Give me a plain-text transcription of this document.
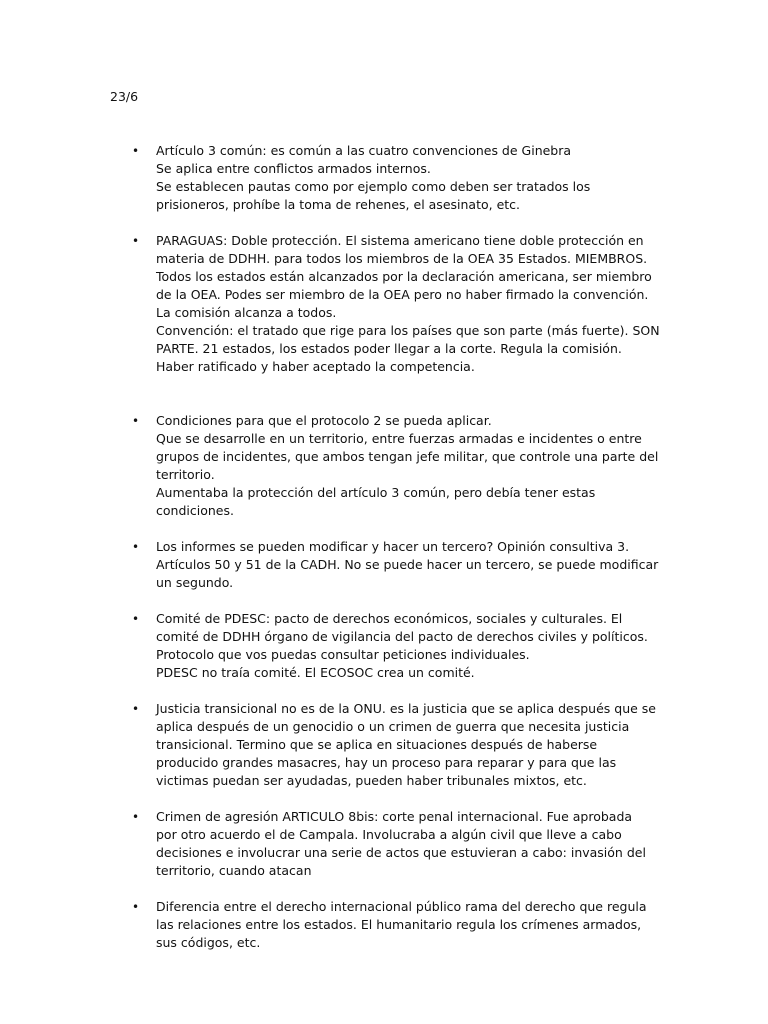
23/6
• Artículo 3 común: es común a las cuatro convenciones de Ginebra
Se aplica entre conflictos armados internos.
Se establecen pautas como por ejemplo como deben ser tratados los
prisioneros, prohíbe la toma de rehenes, el asesinato, etc.
• PARAGUAS: Doble protección. El sistema americano tiene doble protección en
materia de DDHH. para todos los miembros de la OEA 35 Estados. MIEMBROS.
Todos los estados están alcanzados por la declaración americana, ser miembro
de la OEA. Podes ser miembro de la OEA pero no haber firmado la convención.
La comisión alcanza a todos.
Convención: el tratado que rige para los países que son parte (más fuerte). SON
PARTE. 21 estados, los estados poder llegar a la corte. Regula la comisión.
Haber ratificado y haber aceptado la competencia.
• Condiciones para que el protocolo 2 se pueda aplicar.
Que se desarrolle en un territorio, entre fuerzas armadas e incidentes o entre
grupos de incidentes, que ambos tengan jefe militar, que controle una parte del
territorio.
Aumentaba la protección del artículo 3 común, pero debía tener estas
condiciones.
• Los informes se pueden modificar y hacer un tercero? Opinión consultiva 3.
Artículos 50 y 51 de la CADH. No se puede hacer un tercero, se puede modificar
un segundo.
• Comité de PDESC: pacto de derechos económicos, sociales y culturales. El
comité de DDHH órgano de vigilancia del pacto de derechos civiles y políticos.
Protocolo que vos puedas consultar peticiones individuales.
PDESC no traía comité. El ECOSOC crea un comité.
• Justicia transicional no es de la ONU. es la justicia que se aplica después que se
aplica después de un genocidio o un crimen de guerra que necesita justicia
transicional. Termino que se aplica en situaciones después de haberse
producido grandes masacres, hay un proceso para reparar y para que las
victimas puedan ser ayudadas, pueden haber tribunales mixtos, etc.
• Crimen de agresión ARTICULO 8bis: corte penal internacional. Fue aprobada
por otro acuerdo el de Campala. Involucraba a algún civil que lleve a cabo
decisiones e involucrar una serie de actos que estuvieran a cabo: invasión del
territorio, cuando atacan
• Diferencia entre el derecho internacional público rama del derecho que regula
las relaciones entre los estados. El humanitario regula los crímenes armados,
sus códigos, etc.
